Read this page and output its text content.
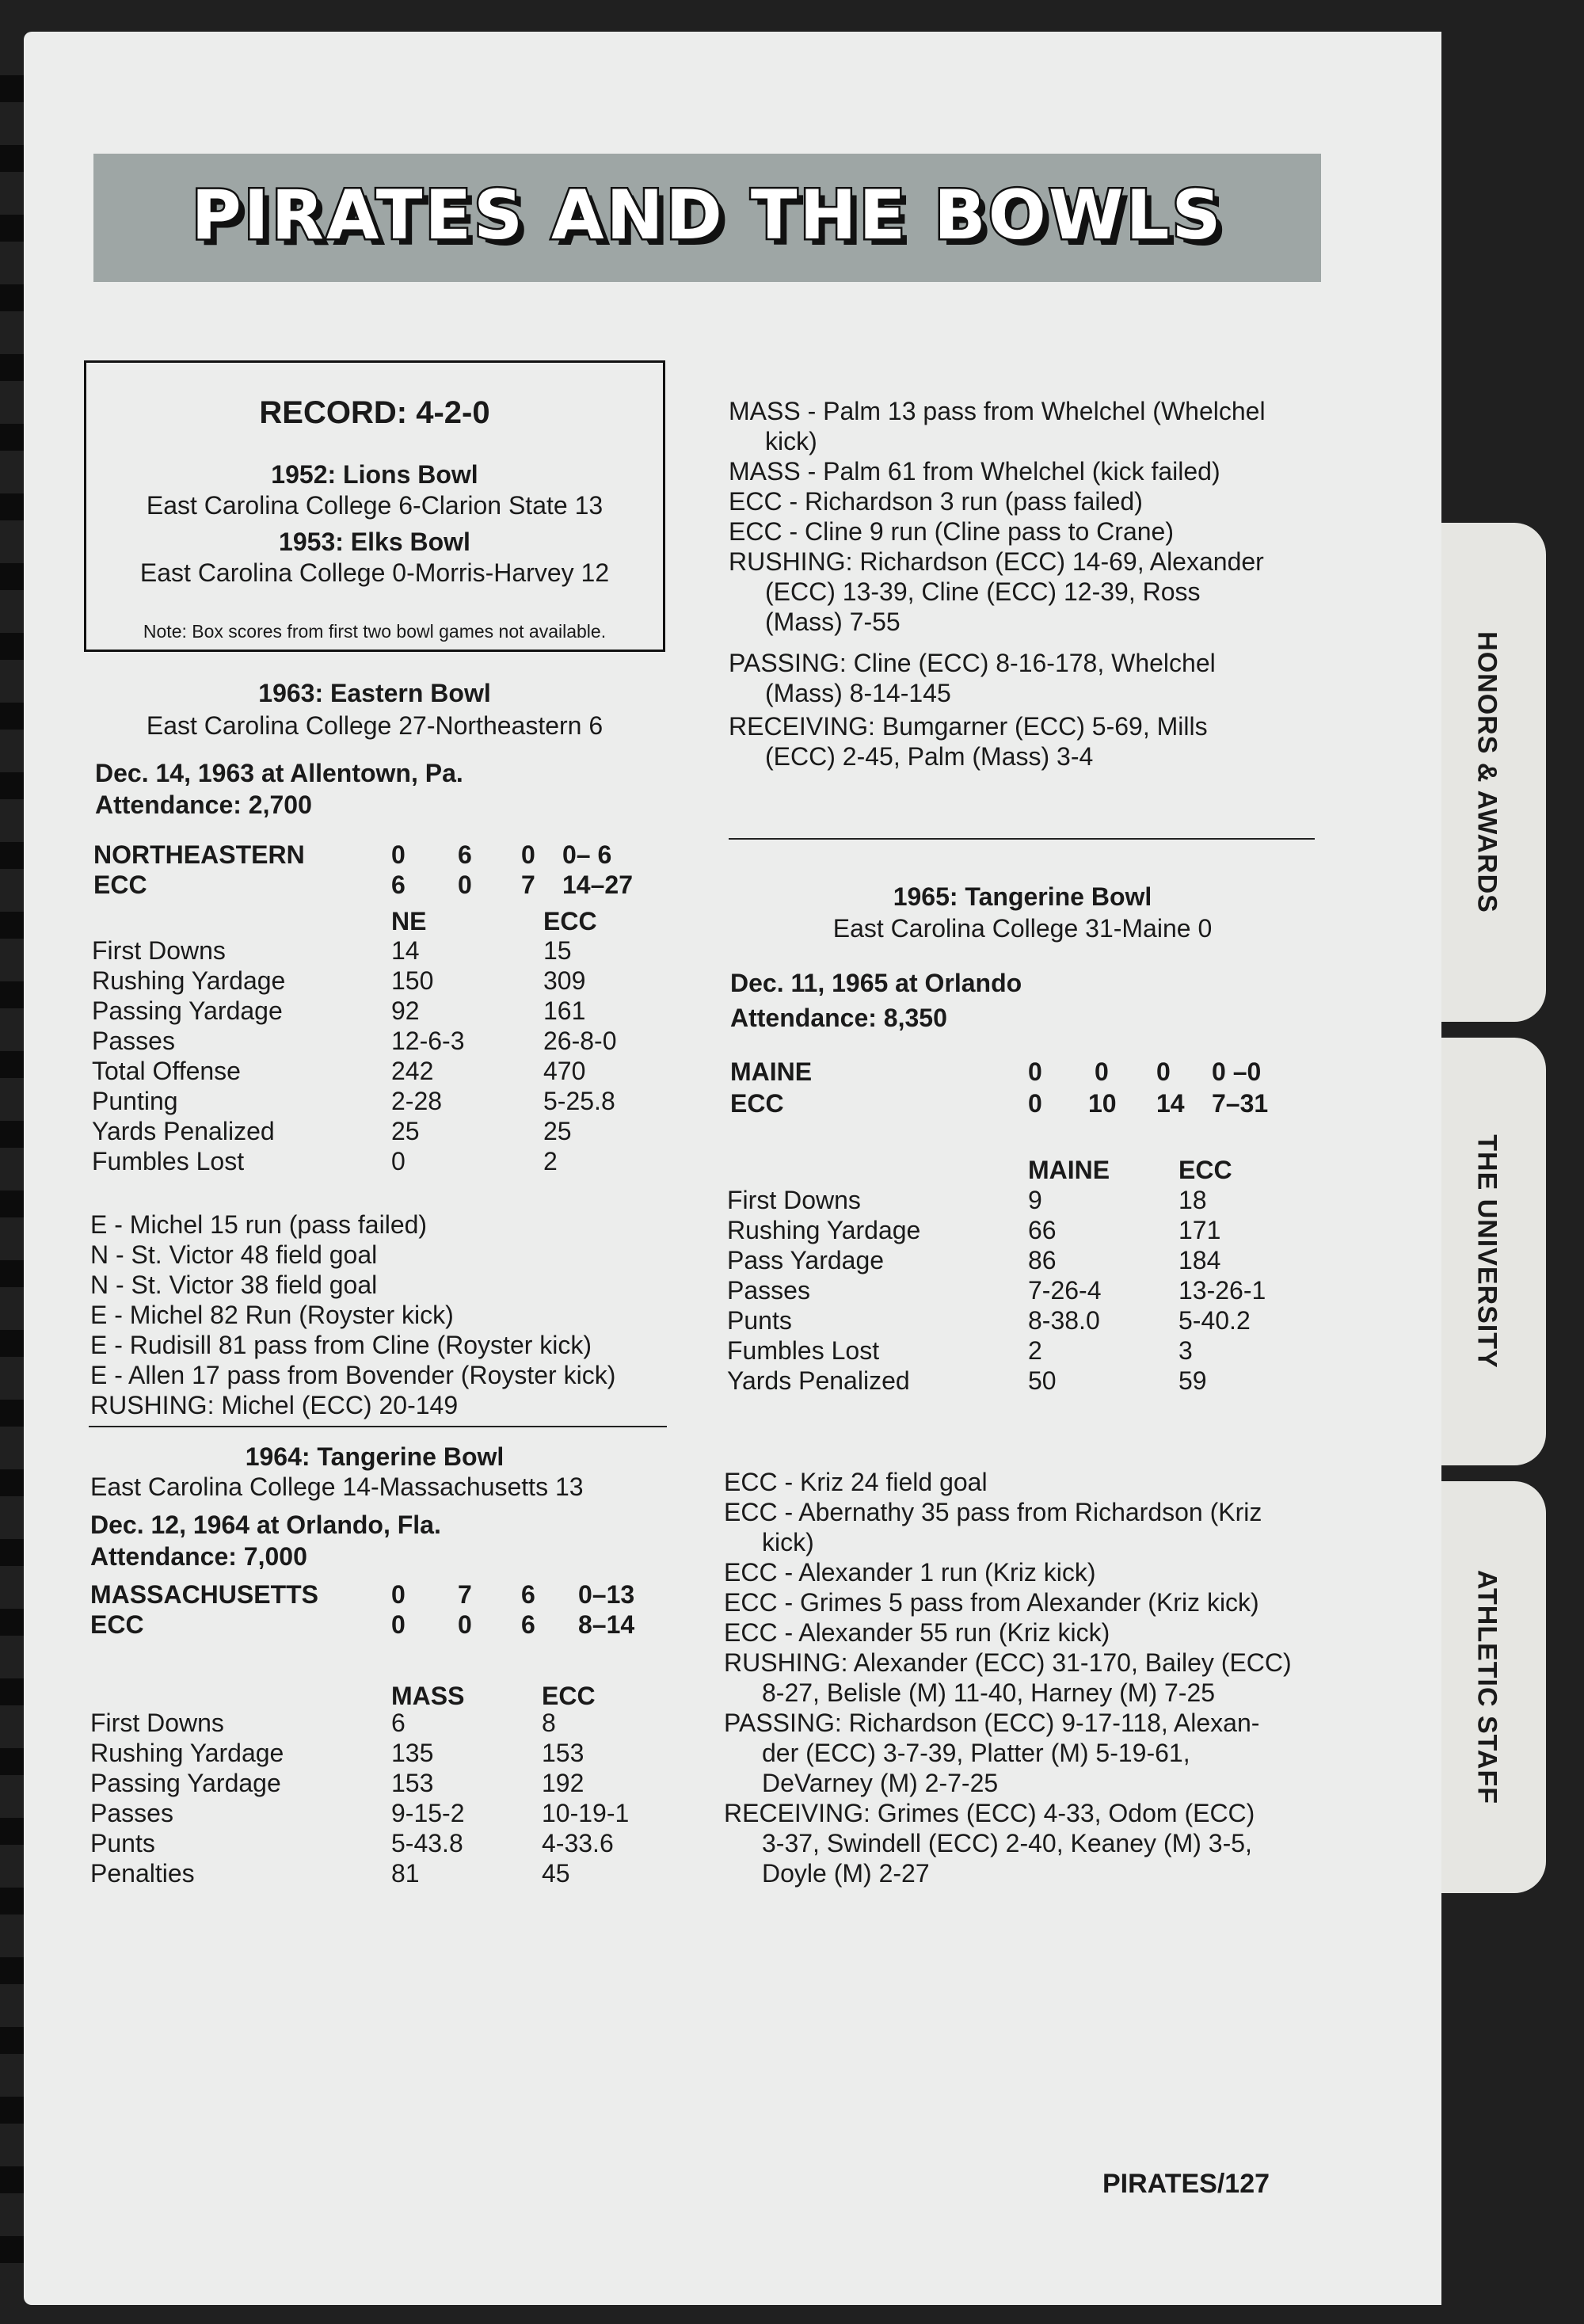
HONORS & AWARDS
THE UNIVERSITY
ATHLETIC STAFF
PIRATES AND THE BOWLS
RECORD: 4-2-0
1952: Lions Bowl
East Carolina College 6-Clarion State 13
1953: Elks Bowl
East Carolina College 0-Morris-Harvey 12
Note: Box scores from first two bowl games not available.
1963: Eastern Bowl
East Carolina College 27-Northeastern 6
Dec. 14, 1963 at Allentown, Pa.
Attendance: 2,700
NORTHEASTERN	0 6 0 0– 6
ECC	6 0 7 14–27
NE	ECC
First Downs	14	15
Rushing Yardage	150	309
Passing Yardage	92	161
Passes	12-6-3	26-8-0
Total Offense	242	470
Punting	2-28	5-25.8
Yards Penalized	25	25
Fumbles Lost	0	2
E - Michel 15 run (pass failed)
N - St. Victor 48 field goal
N - St. Victor 38 field goal
E - Michel 82 Run (Royster kick)
E - Rudisill 81 pass from Cline (Royster kick)
E - Allen 17 pass from Bovender (Royster kick)
RUSHING: Michel (ECC) 20-149
1964: Tangerine Bowl
East Carolina College 14-Massachusetts 13
Dec. 12, 1964 at Orlando, Fla.
Attendance: 7,000
MASSACHUSETTS	0 7 6 0–13
ECC	0 0 6 8–14
MASS	ECC
First Downs	6	8
Rushing Yardage	135	153
Passing Yardage	153	192
Passes	9-15-2	10-19-1
Punts	5-43.8	4-33.6
Penalties	81	45
MASS - Palm 13 pass from Whelchel (Whelchel
kick)
MASS - Palm 61 from Whelchel (kick failed)
ECC - Richardson 3 run (pass failed)
ECC - Cline 9 run (Cline pass to Crane)
RUSHING: Richardson (ECC) 14-69, Alexander
(ECC) 13-39, Cline (ECC) 12-39, Ross
(Mass) 7-55
PASSING: Cline (ECC) 8-16-178, Whelchel
(Mass) 8-14-145
RECEIVING: Bumgarner (ECC) 5-69, Mills
(ECC) 2-45, Palm (Mass) 3-4
1965: Tangerine Bowl
East Carolina College 31-Maine 0
Dec. 11, 1965 at Orlando
Attendance: 8,350
MAINE	0 0 0 0 –0
ECC	0 10 14 7–31
MAINE	ECC
First Downs	9	18
Rushing Yardage	66	171
Pass Yardage	86	184
Passes	7-26-4	13-26-1
Punts	8-38.0	5-40.2
Fumbles Lost	2	3
Yards Penalized	50	59
ECC - Kriz 24 field goal
ECC - Abernathy 35 pass from Richardson (Kriz
kick)
ECC - Alexander 1 run (Kriz kick)
ECC - Grimes 5 pass from Alexander (Kriz kick)
ECC - Alexander 55 run (Kriz kick)
RUSHING: Alexander (ECC) 31-170, Bailey (ECC)
8-27, Belisle (M) 11-40, Harney (M) 7-25
PASSING: Richardson (ECC) 9-17-118, Alexan-
der (ECC) 3-7-39, Platter (M) 5-19-61,
DeVarney (M) 2-7-25
RECEIVING: Grimes (ECC) 4-33, Odom (ECC)
3-37, Swindell (ECC) 2-40, Keaney (M) 3-5,
Doyle (M) 2-27
PIRATES/127
